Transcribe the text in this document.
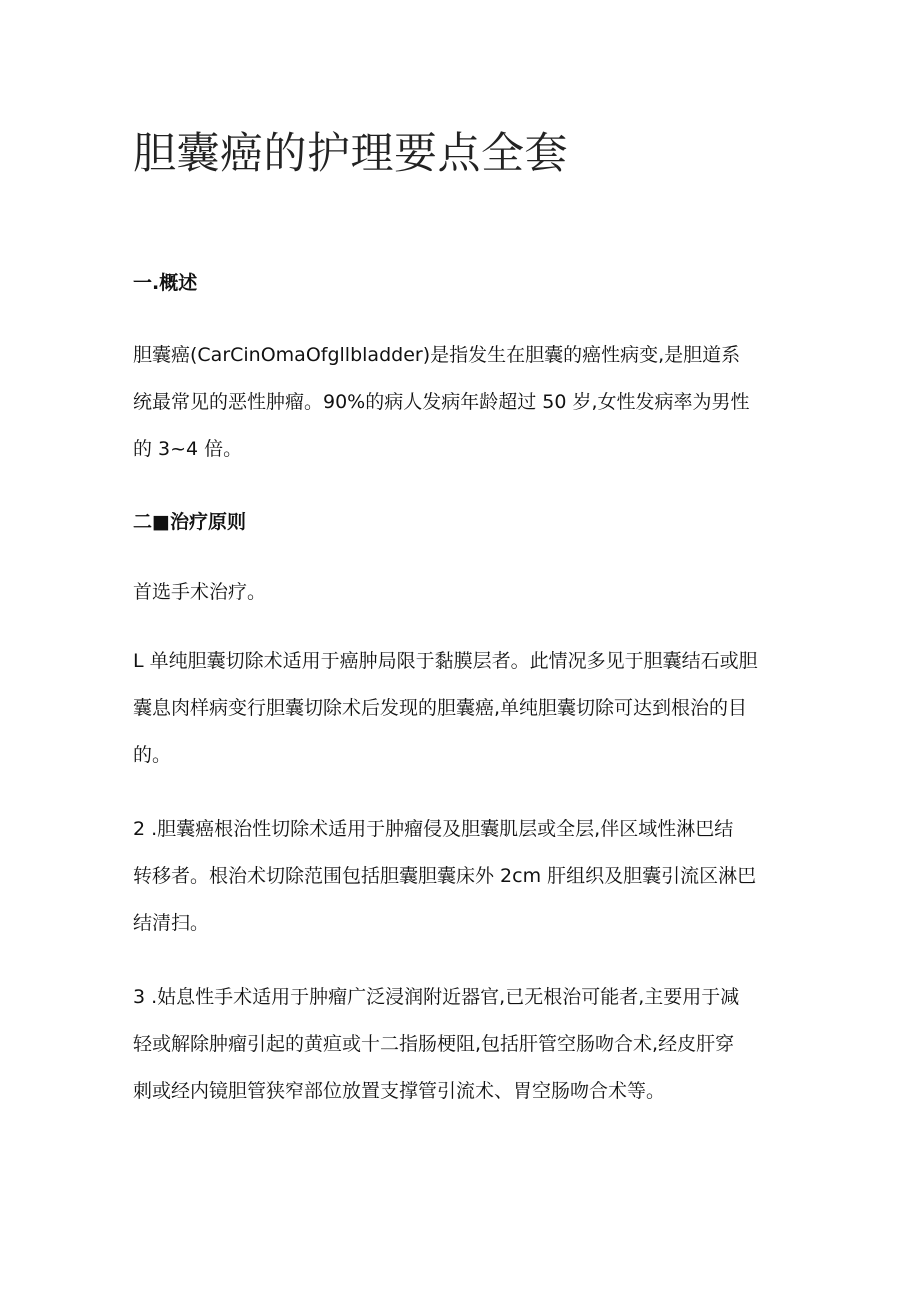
胆囊癌的护理要点全套
一.概述

胆囊癌(CarCinOmaOfgllbladder)是指发生在胆囊的癌性病变,是胆道系
统最常见的恶性肿瘤。90%的病人发病年龄超过 50 岁,女性发病率为男性
的 3~4 倍。

二■治疗原则

首选手术治疗。

L 单纯胆囊切除术适用于癌肿局限于黏膜层者。此情况多见于胆囊结石或胆
囊息肉样病变行胆囊切除术后发现的胆囊癌,单纯胆囊切除可达到根治的目
的。

2 .胆囊癌根治性切除术适用于肿瘤侵及胆囊肌层或全层,伴区域性淋巴结
转移者。根治术切除范围包括胆囊胆囊床外 2cm 肝组织及胆囊引流区淋巴
结清扫。

3 .姑息性手术适用于肿瘤广泛浸润附近器官,已无根治可能者,主要用于减
轻或解除肿瘤引起的黄疸或十二指肠梗阻,包括肝管空肠吻合术,经皮肝穿
刺或经内镜胆管狭窄部位放置支撑管引流术、胃空肠吻合术等。
